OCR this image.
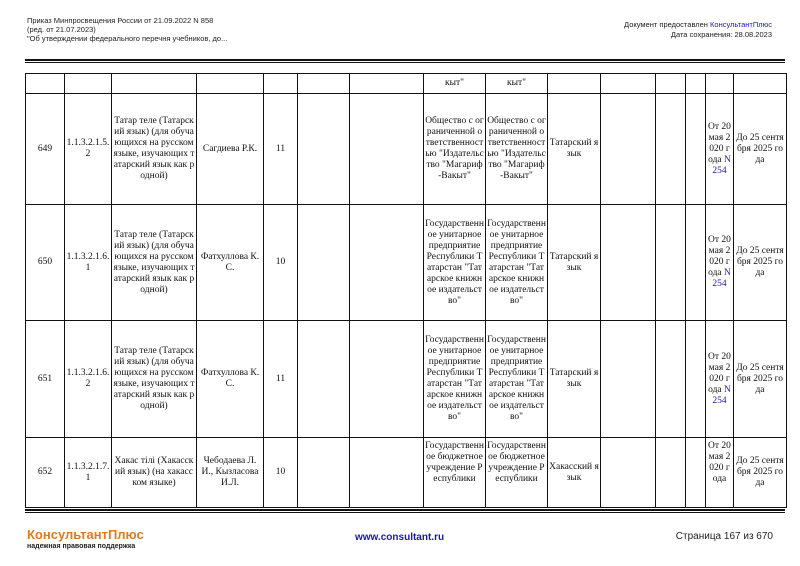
Приказ Минпросвещения России от 21.09.2022 N 858
(ред. от 21.07.2023)
"Об утверждении федерального перечня учебников, до...
Документ предоставлен КонсультантПлюс
Дата сохранения: 28.08.2023
							кыт"	кыт"						
649	1.1.3.2.1.5.2	Татар теле (Татарский язык) (для обучающихся на русском языке, изучающих татарский язык как родной)	Сагдиева Р.К.	11			Общество с ограниченной ответственностью "Издательство "Магариф-Вакыт"	Общество с ограниченной ответственностью "Издательство "Магариф-Вакыт"	Татарский язык				От 20 мая 2020 года N 254	До 25 сентября 2025 года
650	1.1.3.2.1.6.1	Татар теле (Татарский язык) (для обучающихся на русском языке, изучающих татарский язык как родной)	Фатхуллова К.С.	10			Государственное унитарное предприятие Республики Татарстан "Татарское книжное издательство"	Государственное унитарное предприятие Республики Татарстан "Татарское книжное издательство"	Татарский язык				От 20 мая 2020 года N 254	До 25 сентября 2025 года
651	1.1.3.2.1.6.2	Татар теле (Татарский язык) (для обучающихся на русском языке, изучающих татарский язык как родной)	Фатхуллова К.С.	11			Государственное унитарное предприятие Республики Татарстан "Татарское книжное издательство"	Государственное унитарное предприятие Республики Татарстан "Татарское книжное издательство"	Татарский язык				От 20 мая 2020 года N 254	До 25 сентября 2025 года
652	1.1.3.2.1.7.1	Хакас тілі (Хакасский язык) (на хакасском языке)	Чебодаева Л.И., Кызласова И.Л.	10			Государственное бюджетное учреждение Республики	Государственное бюджетное учреждение Республики	Хакасский язык				От 20 мая 2020 года	До 25 сентября 2025 года
КонсультантПлюс
надежная правовая поддержка
www.consultant.ru	Страница 167 из 670
